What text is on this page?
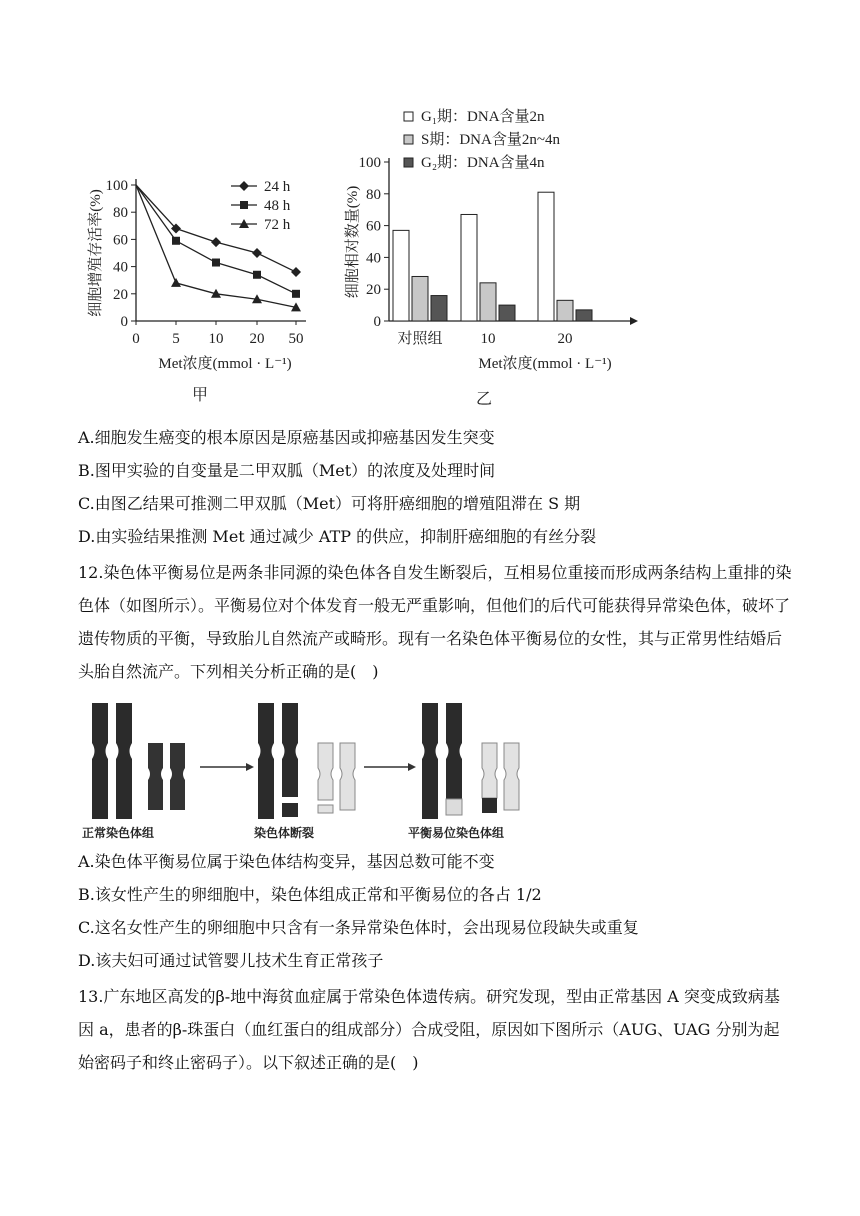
0
20
40
60
80
100
0 5 10 20 50
Met浓度(mmol · L⁻¹)
细胞增殖存活率(%)
甲
24 h
48 h
72 h
0
20
40
60
80
100
对照组	10	20
G₁期：DNA含量2n
S期：DNA含量2n~4n
G₂期：DNA含量4n
Met浓度(mmol · L⁻¹)
细胞相对数量(%)
乙
A.细胞发生癌变的根本原因是原癌基因或抑癌基因发生突变
B.图甲实验的自变量是二甲双胍（Met）的浓度及处理时间
C.由图乙结果可推测二甲双胍（Met）可将肝癌细胞的增殖阻滞在 S 期
D.由实验结果推测 Met 通过减少 ATP 的供应，抑制肝癌细胞的有丝分裂
12.染色体平衡易位是两条非同源的染色体各自发生断裂后，互相易位重接而形成两条结构上重排的染色体（如图所示）。平衡易位对个体发育一般无严重影响，但他们的后代可能获得异常染色体，破坏了遗传物质的平衡，导致胎儿自然流产或畸形。现有一名染色体平衡易位的女性，其与正常男性结婚后头胎自然流产。下列相关分析正确的是(　)
正常染色体组	染色体断裂	平衡易位染色体组
A.染色体平衡易位属于染色体结构变异，基因总数可能不变
B.该女性产生的卵细胞中，染色体组成正常和平衡易位的各占 1/2
C.这名女性产生的卵细胞中只含有一条异常染色体时，会出现易位段缺失或重复
D.该夫妇可通过试管婴儿技术生育正常孩子
13.广东地区高发的β-地中海贫血症属于常染色体遗传病。研究发现，型由正常基因 A 突变成致病基因 a，患者的β-珠蛋白（血红蛋白的组成部分）合成受阻，原因如下图所示（AUG、UAG 分别为起始密码子和终止密码子）。以下叙述正确的是(　)
